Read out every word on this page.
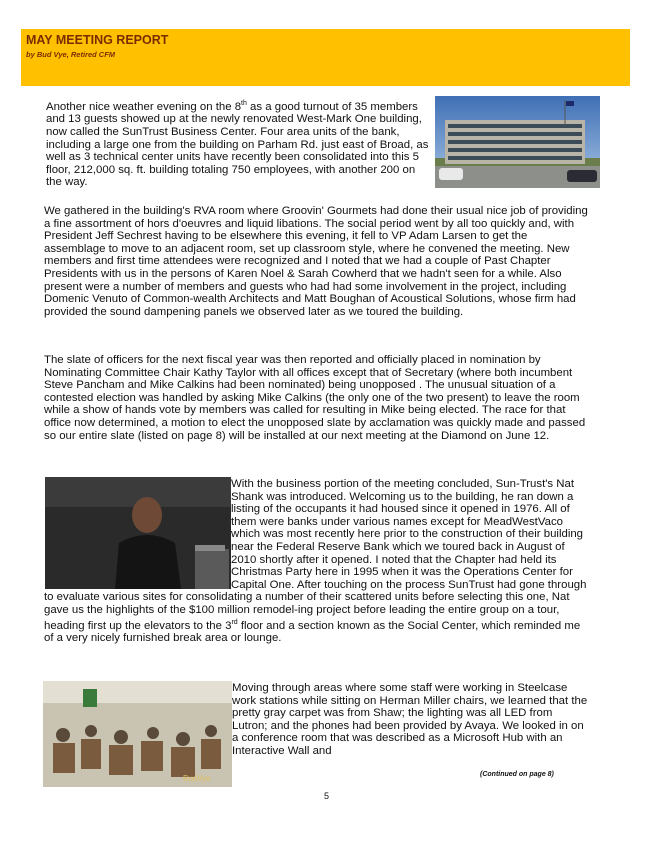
MAY MEETING REPORT
by Bud Vye, Retired CFM
BudVye

Another nice weather evening on the 8th as a good turnout of 35 members and 13 guests showed up at the newly renovated West-Mark One building, now called the SunTrust Business Center. Four area units of the bank, including a large one from the building on Parham Rd. just east of Broad, as well as 3 technical center units have recently been consolidated into this 5 floor, 212,000 sq. ft. building totaling 750 employees, with another 200 on the way.

We gathered in the building's RVA room where Groovin' Gourmets had done their usual nice job of providing a fine assortment of hors d'oeuvres and liquid libations. The social period went by all too quickly and, with President Jeff Sechrest having to be elsewhere this evening, it fell to VP Adam Larsen to get the assemblage to move to an adjacent room, set up classroom style, where he convened the meeting. New members and first time attendees were recognized and I noted that we had a couple of Past Chapter Presidents with us in the persons of Karen Noel & Sarah Cowherd that we hadn't seen for a while. Also present were a number of members and guests who had had some involvement in the project, including Domenic Venuto of Common-wealth Architects and Matt Boughan of Acoustical Solutions, whose firm had provided the sound dampening panels we observed later as we toured the building.

The slate of officers for the next fiscal year was then reported and officially placed in nomination by Nominating Committee Chair Kathy Taylor with all offices except that of Secretary (where both incumbent Steve Pancham and Mike Calkins had been nominated) being unopposed . The unusual situation of a contested election was handled by asking Mike Calkins (the only one of the two present) to leave the room while a show of hands vote by members was called for resulting in Mike being elected. The race for that office now determined, a motion to elect the unopposed slate by acclamation was quickly made and passed so our entire slate (listed on page 8) will be installed at our next meeting at the Diamond on June 12.

With the business portion of the meeting concluded, Sun-Trust's Nat Shank was introduced. Welcoming us to the building, he ran down a listing of the occupants it had housed since it opened in 1976. All of them were banks under various names except for MeadWestVaco which was most recently here prior to the construction of their building near the Federal Reserve Bank which we toured back in August of 2010 shortly after it opened. I noted that the Chapter had held its Christmas Party here in 1995 when it was the Operations Center for Capital One. After touching on the process SunTrust had gone through to evaluate various sites for consolidating a number of their scattered units before selecting this one, Nat gave us the highlights of the $100 million remodel-ing project before leading the entire group on a tour, heading first up the elevators to the 3rd floor and a section known as the Social Center, which reminded me of a very nicely furnished break area or lounge.

Moving through areas where some staff were working in Steelcase work stations while sitting on Herman Miller chairs, we learned that the pretty gray carpet was from Shaw; the lighting was all LED from Lutron; and the phones had been provided by Avaya. We looked in on a conference room that was described as a Microsoft Hub with an Interactive Wall and

(Continued on page 8)
5
